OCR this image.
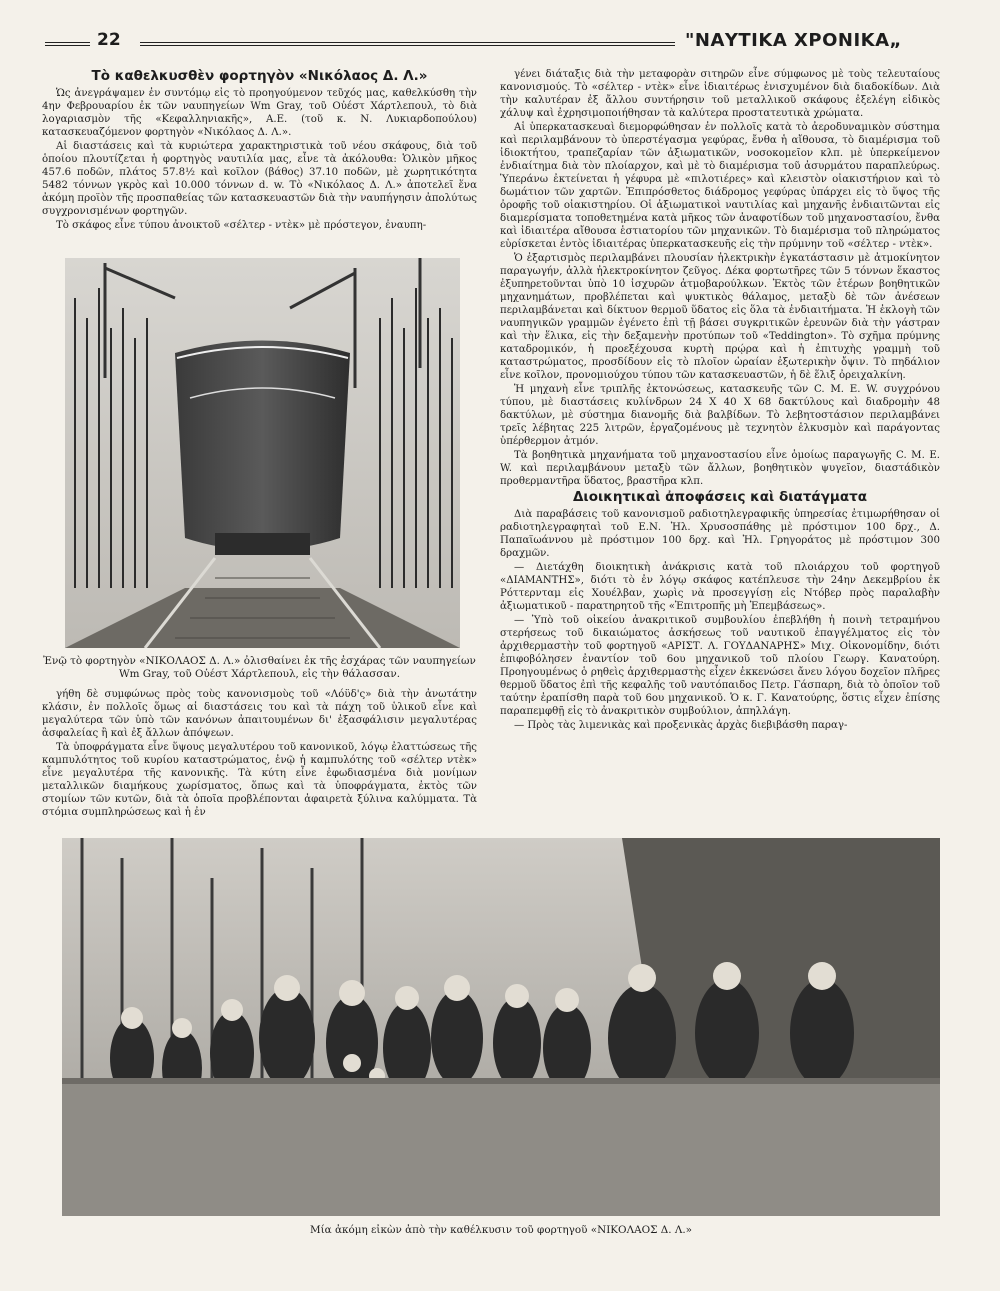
22	"ΝΑΥΤΙΚΑ ΧΡΟΝΙΚΑ„
Τὸ καθελκυσθὲν φορτηγὸν «Νικόλαος Δ. Λ.»

Ὡς ἀνεγράψαμεν ἐν συντόμῳ εἰς τὸ προηγούμενον τεῦχός μας, καθελκύσθη τὴν 4ην Φεβρουαρίου ἐκ τῶν ναυπηγείων Wm Gray, τοῦ Οὐέστ Χάρτλεπουλ, τὸ διὰ λογαριασμὸν τῆς «Κεφαλληνιακῆς», Α.Ε. (τοῦ κ. Ν. Λυκιαρδοπούλου) κατασκευαζόμενον φορτηγὸν «Νικόλαος Δ. Λ.».

Αἱ διαστάσεις καὶ τὰ κυριώτερα χαρακτηριστικὰ τοῦ νέου σκάφους, διὰ τοῦ ὁποίου πλουτίζεται ἡ φορτηγὸς ναυτιλία μας, εἶνε τὰ ἀκόλουθα: Ὁλικὸν μῆκος 457.6 ποδῶν, πλάτος 57.8½ καὶ κοῖλον (βάθος) 37.10 ποδῶν, μὲ χωρητικότητα 5482 τόννων γκρὸς καὶ 10.000 τόννων d. w. Τὸ «Νικόλαος Δ. Λ.» ἀποτελεῖ ἕνα ἀκόμη προϊὸν τῆς προσπαθείας τῶν κατασκευαστῶν διὰ τὴν ναυπήγησιν ἀπολύτως συγχρονισμένων φορτηγῶν.

Τὸ σκάφος εἶνε τύπου ἀνοικτοῦ «σέλτερ - ντὲκ» μὲ πρόστεγον, ἐναυπη-

Ἐνῷ τὸ φορτηγὸν «ΝΙΚΟΛΑΟΣ Δ. Λ.» ὀλισθαίνει ἐκ τῆς ἐσχάρας τῶν ναυπηγείων Wm Gray, τοῦ Οὐέστ Χάρτλεπουλ, εἰς τὴν θάλασσαν.

γήθη δὲ συμφώνως πρὸς τοὺς κανονισμοὺς τοῦ «Λόϋδ'ς» διὰ τὴν ἀνωτάτην κλάσιν, ἐν πολλοῖς ὅμως αἱ διαστάσεις του καὶ τὰ πάχη τοῦ ὑλικοῦ εἶνε καὶ μεγαλύτερα τῶν ὑπὸ τῶν κανόνων ἀπαιτουμένων δι' ἐξασφάλισιν μεγαλυτέρας ἀσφαλείας ἢ καὶ ἐξ ἄλλων ἀπόψεων.

Τὰ ὑποφράγματα εἶνε ὕψους μεγαλυτέρου τοῦ κανονικοῦ, λόγῳ ἐλαττώσεως τῆς καμπυλότητος τοῦ κυρίου καταστρώματος, ἐνῷ ἡ καμπυλότης τοῦ «σέλτερ ντὲκ» εἶνε μεγαλυτέρα τῆς κανονικῆς. Τὰ κύτη εἶνε ἐφωδιασμένα διὰ μονίμων μεταλλικῶν διαμήκους χωρίσματος, ὅπως καὶ τὰ ὑποφράγματα, ἐκτὸς τῶν στομίων τῶν κυτῶν, διὰ τὰ ὁποῖα προβλέπονται ἀφαιρετὰ ξύλινα καλύμματα. Τὰ στόμια συμπληρώσεως καὶ ἡ ἐν

γένει διάταξις διὰ τὴν μεταφορὰν σιτηρῶν εἶνε σύμφωνος μὲ τοὺς τελευταίους κανονισμούς. Τὸ «σέλτερ - ντὲκ» εἶνε ἰδιαιτέρως ἐνισχυμένον διὰ διαδοκίδων. Διὰ τὴν καλυτέραν ἐξ ἄλλου συντήρησιν τοῦ μεταλλικοῦ σκάφους ἐξελέγη εἰδικὸς χάλυψ καὶ ἐχρησιμοποιήθησαν τὰ καλύτερα προστατευτικὰ χρώματα.

Αἱ ὑπερκατασκευαὶ διεμορφώθησαν ἐν πολλοῖς κατὰ τὸ ἀεροδυναμικὸν σύστημα καὶ περιλαμβάνουν τὸ ὑπερστέγασμα γεφύρας, ἔνθα ἡ αἴθουσα, τὸ διαμέρισμα τοῦ ἰδιοκτήτου, τραπεζαρίαν τῶν ἀξιωματικῶν, νοσοκομεῖον κλπ. μὲ ὑπερκείμενον ἐνδιαίτημα διὰ τὸν πλοίαρχον, καὶ μὲ τὸ διαμέρισμα τοῦ ἀσυρμάτου παραπλεύρως. Ὑπεράνω ἐκτείνεται ἡ γέφυρα μὲ «πιλοτιέρες» καὶ κλειστὸν οἰακιστήριον καὶ τὸ δωμάτιον τῶν χαρτῶν. Ἐπιπρόσθετος διάδρομος γεφύρας ὑπάρχει εἰς τὸ ὕψος τῆς ὀροφῆς τοῦ οἰακιστηρίου. Οἱ ἀξιωματικοὶ ναυτιλίας καὶ μηχανῆς ἐνδιαιτῶνται εἰς διαμερίσματα τοποθετημένα κατὰ μῆκος τῶν ἀναφοτίδων τοῦ μηχανοστασίου, ἔνθα καὶ ἰδιαιτέρα αἴθουσα ἑστιατορίου τῶν μηχανικῶν. Τὸ διαμέρισμα τοῦ πληρώματος εὑρίσκεται ἐντὸς ἰδιαιτέρας ὑπερκατασκευῆς εἰς τὴν πρύμνην τοῦ «σέλτερ - ντὲκ».

Ὁ ἐξαρτισμὸς περιλαμβάνει πλουσίαν ἠλεκτρικὴν ἐγκατάστασιν μὲ ἀτμοκίνητον παραγωγήν, ἀλλὰ ἠλεκτροκίνητον ζεῦγος. Δέκα φορτωτῆρες τῶν 5 τόννων ἕκαστος ἐξυπηρετοῦνται ὑπὸ 10 ἰσχυρῶν ἀτμοβαρούλκων. Ἐκτὸς τῶν ἑτέρων βοηθητικῶν μηχανημάτων, προβλέπεται καὶ ψυκτικὸς θάλαμος, μεταξὺ δὲ τῶν ἀνέσεων περιλαμβάνεται καὶ δίκτυον θερμοῦ ὕδατος εἰς ὅλα τὰ ἐνδιαιτήματα. Ἡ ἐκλογὴ τῶν ναυπηγικῶν γραμμῶν ἐγένετο ἐπὶ τῇ βάσει συγκριτικῶν ἐρευνῶν διὰ τὴν γάστραν καὶ τὴν ἕλικα, εἰς τὴν δεξαμενὴν προτύπων τοῦ «Teddington». Τὸ σχῆμα πρύμνης καταδρομικόν, ἡ προεξέχουσα κυρτὴ πρῴρα καὶ ἡ ἐπιτυχὴς γραμμὴ τοῦ καταστρώματος, προσδίδουν εἰς τὸ πλοῖον ὡραίαν ἐξωτερικὴν ὄψιν. Τὸ πηδάλιον εἶνε κοῖλον, προνομιούχου τύπου τῶν κατασκευαστῶν, ἡ δὲ ἕλιξ ὀρειχαλκίνη.

Ἡ μηχανὴ εἶνε τριπλῆς ἐκτονώσεως, κατασκευῆς τῶν C. M. E. W. συγχρόνου τύπου, μὲ διαστάσεις κυλίνδρων 24 X 40 X 68 δακτύλους καὶ διαδρομὴν 48 δακτύλων, μὲ σύστημα διανομῆς διὰ βαλβίδων. Τὸ λεβητοστάσιον περιλαμβάνει τρεῖς λέβητας 225 λιτρῶν, ἐργαζομένους μὲ τεχνητὸν ἑλκυσμὸν καὶ παράγοντας ὑπέρθερμον ἀτμόν.

Τὰ βοηθητικὰ μηχανήματα τοῦ μηχανοστασίου εἶνε ὁμοίως παραγωγῆς C. M. E. W. καὶ περιλαμβάνουν μεταξὺ τῶν ἄλλων, βοηθητικὸν ψυγεῖον, διαστάδικὸν προθερμαντῆρα ὕδατος, βραστῆρα κλπ.

Διοικητικαὶ ἀποφάσεις καὶ διατάγματα

Διὰ παραβάσεις τοῦ κανονισμοῦ ραδιοτηλεγραφικῆς ὑπηρεσίας ἐτιμωρήθησαν οἱ ραδιοτηλεγραφηταὶ τοῦ Ε.Ν. Ἠλ. Χρυσοσπάθης μὲ πρόστιμον 100 δρχ., Δ. Παπαϊωάννου μὲ πρόστιμον 100 δρχ. καὶ Ἠλ. Γρηγοράτος μὲ πρόστιμον 300 δραχμῶν.

— Διετάχθη διοικητικὴ ἀνάκρισις κατὰ τοῦ πλοιάρχου τοῦ φορτηγοῦ «ΔΙΑΜΑΝΤΗΣ», διότι τὸ ἐν λόγῳ σκάφος κατέπλευσε τὴν 24ην Δεκεμβρίου ἐκ Ρόττερνταμ εἰς Χουέλβαν, χωρὶς νὰ προσεγγίσῃ εἰς Ντόβερ πρὸς παραλαβὴν ἀξιωματικοῦ - παρατηρητοῦ τῆς «Ἐπιτροπῆς μὴ Ἐπεμβάσεως».

— Ὑπὸ τοῦ οἰκείου ἀνακριτικοῦ συμβουλίου ἐπεβλήθη ἡ ποινὴ τετραμήνου στερήσεως τοῦ δικαιώματος ἀσκήσεως τοῦ ναυτικοῦ ἐπαγγέλματος εἰς τὸν ἀρχιθερμαστὴν τοῦ φορτηγοῦ «ΑΡΙΣΤ. Λ. ΓΟΥΔΑΝΑΡΗΣ» Μιχ. Οἰκονομίδην, διότι ἐπιφοβόλησεν ἐναντίον τοῦ 6ου μηχανικοῦ τοῦ πλοίου Γεωργ. Κανατούρη. Προηγουμένως ὁ ρηθεὶς ἀρχιθερμαστὴς εἶχεν ἐκκενώσει ἄνευ λόγου δοχεῖον πλῆρες θερμοῦ ὕδατος ἐπὶ τῆς κεφαλῆς τοῦ ναυτόπαιδος Πετρ. Γάσπαρη, διὰ τὸ ὁποῖον τοῦ ταύτην ἐραπίσθη παρὰ τοῦ 6ου μηχανικοῦ. Ὁ κ. Γ. Κανατούρης, ὅστις εἶχεν ἐπίσης παραπεμφθῇ εἰς τὸ ἀνακριτικὸν συμβούλιον, ἀπηλλάγη.

— Πρὸς τὰς λιμενικὰς καὶ προξενικὰς ἀρχὰς διεβιβάσθη παραγ-

Μία ἀκόμη εἰκὼν ἀπὸ τὴν καθέλκυσιν τοῦ φορτηγοῦ «ΝΙΚΟΛΑΟΣ Δ. Λ.»
